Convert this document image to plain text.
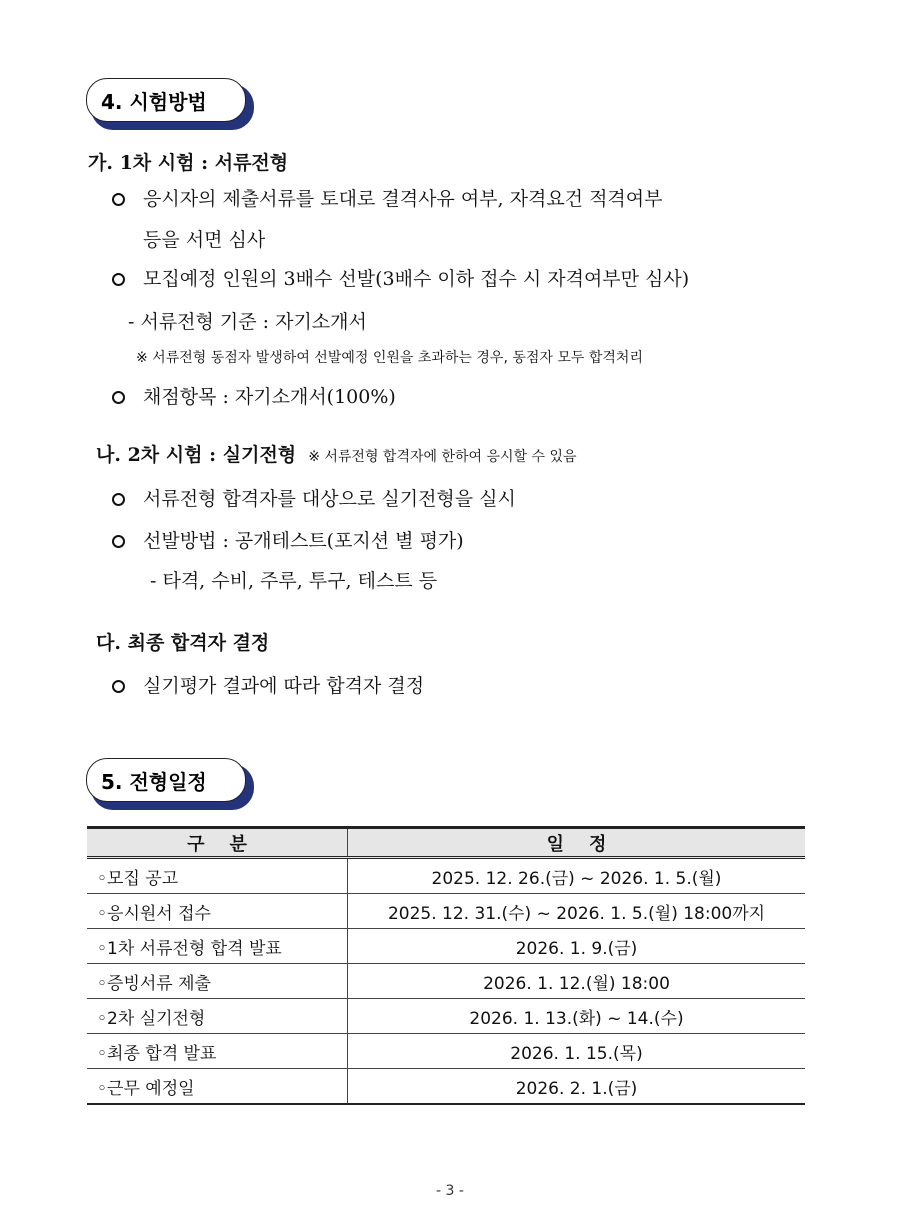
4. 시험방법
가. 1차 시험 : 서류전형
응시자의 제출서류를 토대로 결격사유 여부, 자격요건 적격여부
등을 서면 심사
모집예정 인원의 3배수 선발(3배수 이하 접수 시 자격여부만 심사)
- 서류전형 기준 : 자기소개서
※ 서류전형 동점자 발생하여 선발예정 인원을 초과하는 경우, 동점자 모두 합격처리
채점항목 : 자기소개서(100%)
나. 2차 시험 : 실기전형 ※ 서류전형 합격자에 한하여 응시할 수 있음
서류전형 합격자를 대상으로 실기전형을 실시
선발방법 : 공개테스트(포지션 별 평가)
- 타격, 수비, 주루, 투구, 테스트 등
다. 최종 합격자 결정
실기평가 결과에 따라 합격자 결정
5. 전형일정
구    분	일    정
◦모집 공고	2025. 12. 26.(금) ~ 2026. 1. 5.(월)
◦응시원서 접수	2025. 12. 31.(수) ~ 2026. 1. 5.(월) 18:00까지
◦1차 서류전형 합격 발표	2026. 1. 9.(금)
◦증빙서류 제출	2026. 1. 12.(월) 18:00
◦2차 실기전형	2026. 1. 13.(화) ~ 14.(수)
◦최종 합격 발표	2026. 1. 15.(목)
◦근무 예정일	2026. 2. 1.(금)
- 3 -
